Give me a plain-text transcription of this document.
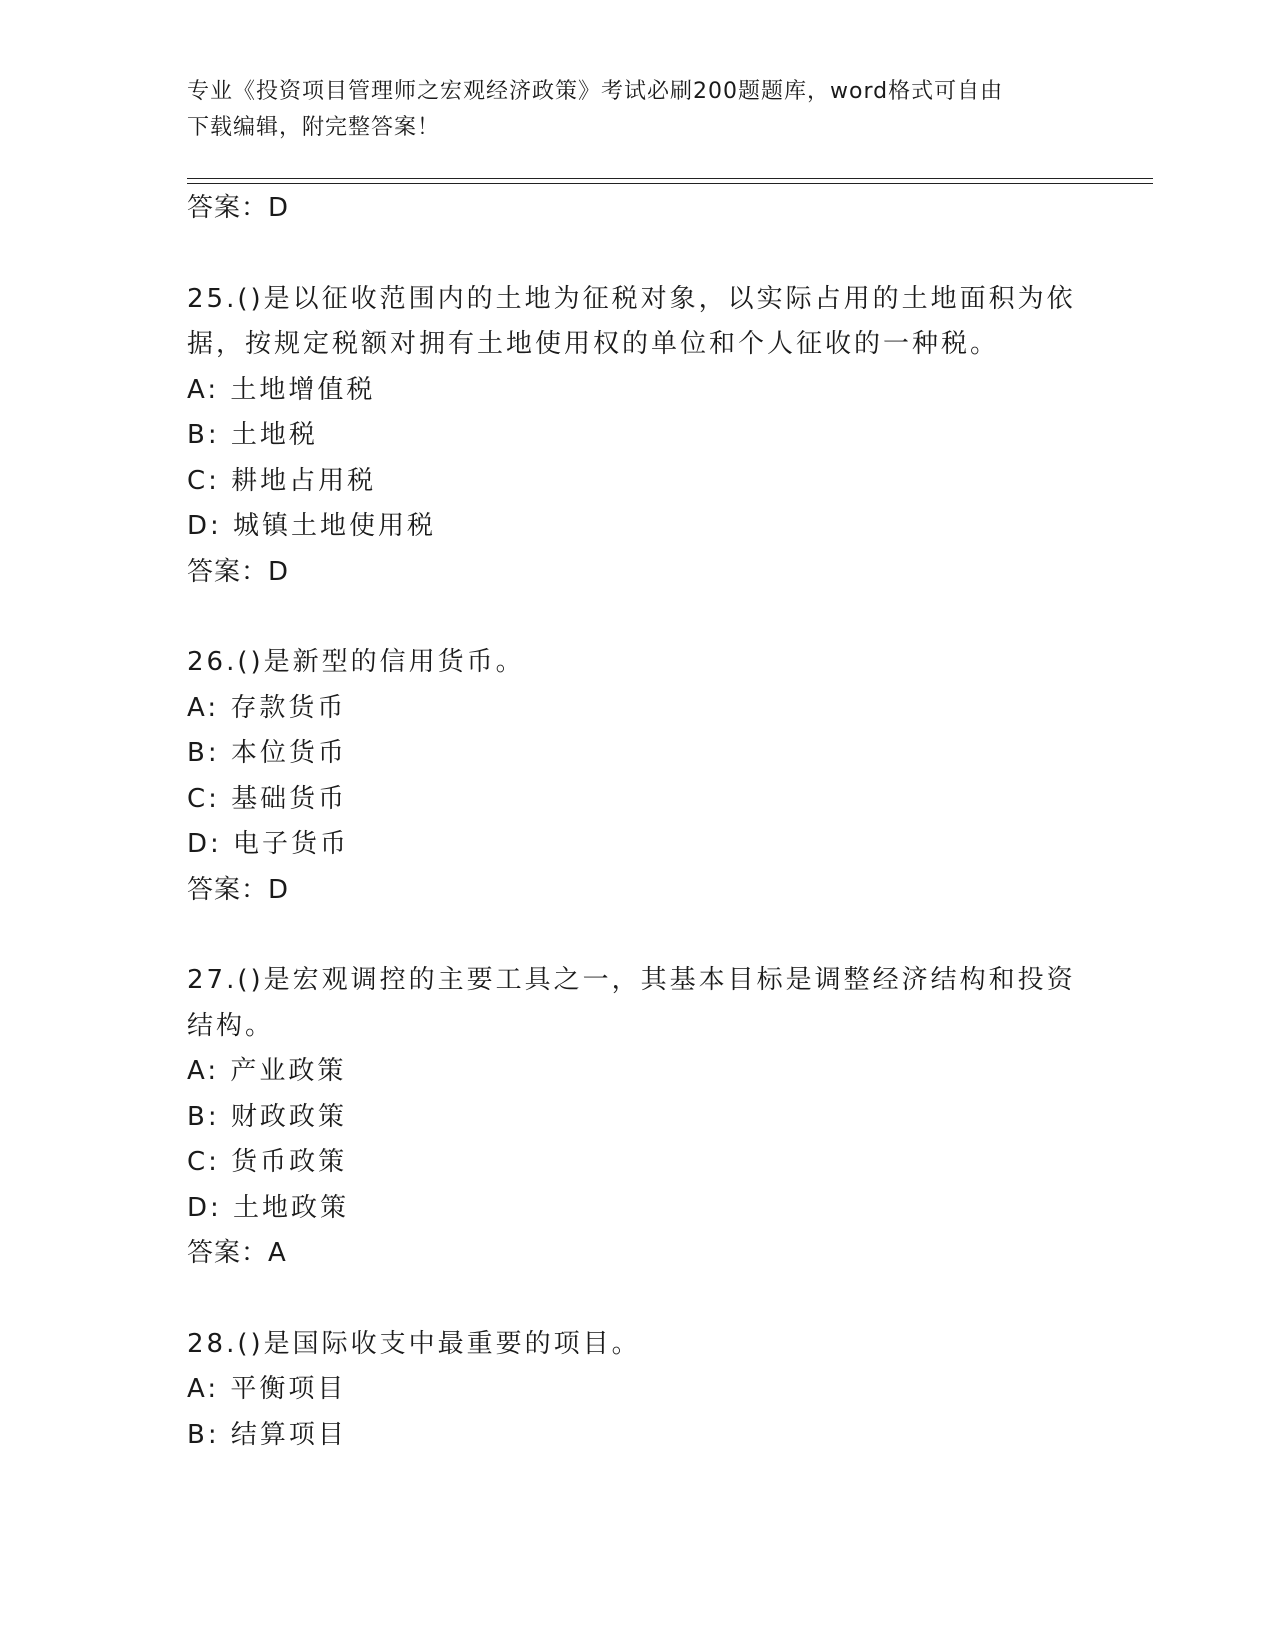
专业《投资项目管理师之宏观经济政策》考试必刷200题题库，word格式可自由
下载编辑，附完整答案！
答案：D
25.()是以征收范围内的土地为征税对象，以实际占用的土地面积为依
据，按规定税额对拥有土地使用权的单位和个人征收的一种税。
A: 土地增值税
B: 土地税
C: 耕地占用税
D: 城镇土地使用税
答案：D
26.()是新型的信用货币。
A: 存款货币
B: 本位货币
C: 基础货币
D: 电子货币
答案：D
27.()是宏观调控的主要工具之一，其基本目标是调整经济结构和投资
结构。
A: 产业政策
B: 财政政策
C: 货币政策
D: 土地政策
答案：A
28.()是国际收支中最重要的项目。
A: 平衡项目
B: 结算项目
